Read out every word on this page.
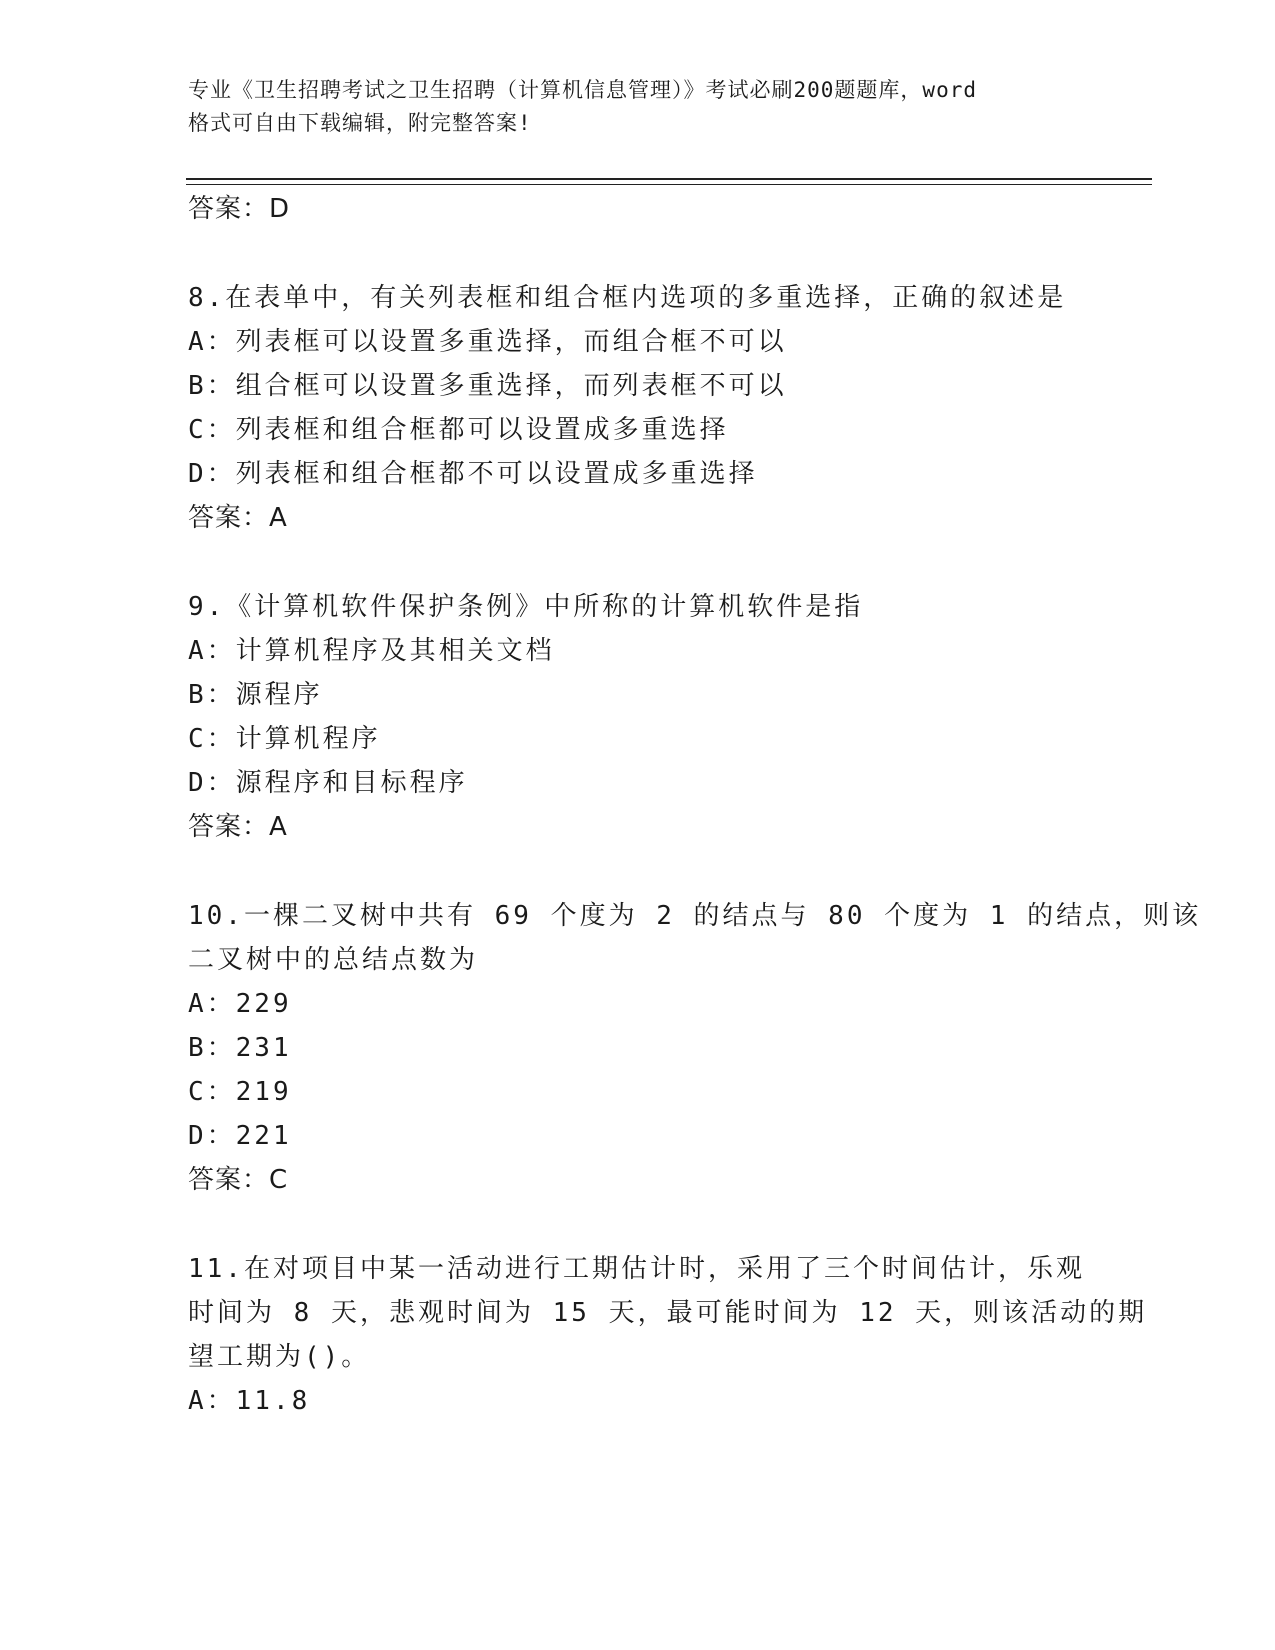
专业《卫生招聘考试之卫生招聘（计算机信息管理）》考试必刷200题题库，word
格式可自由下载编辑，附完整答案!
答案：D
8.在表单中，有关列表框和组合框内选项的多重选择，正确的叙述是
A：列表框可以设置多重选择，而组合框不可以
B：组合框可以设置多重选择，而列表框不可以
C：列表框和组合框都可以设置成多重选择
D：列表框和组合框都不可以设置成多重选择
答案：A
9.《计算机软件保护条例》中所称的计算机软件是指
A：计算机程序及其相关文档
B：源程序
C：计算机程序
D：源程序和目标程序
答案：A
10.一棵二叉树中共有 69 个度为 2 的结点与 80 个度为 1 的结点，则该
二叉树中的总结点数为
A：229
B：231
C：219
D：221
答案：C
11.在对项目中某一活动进行工期估计时，采用了三个时间估计，乐观
时间为 8 天，悲观时间为 15 天，最可能时间为 12 天，则该活动的期
望工期为()。
A：11.8
